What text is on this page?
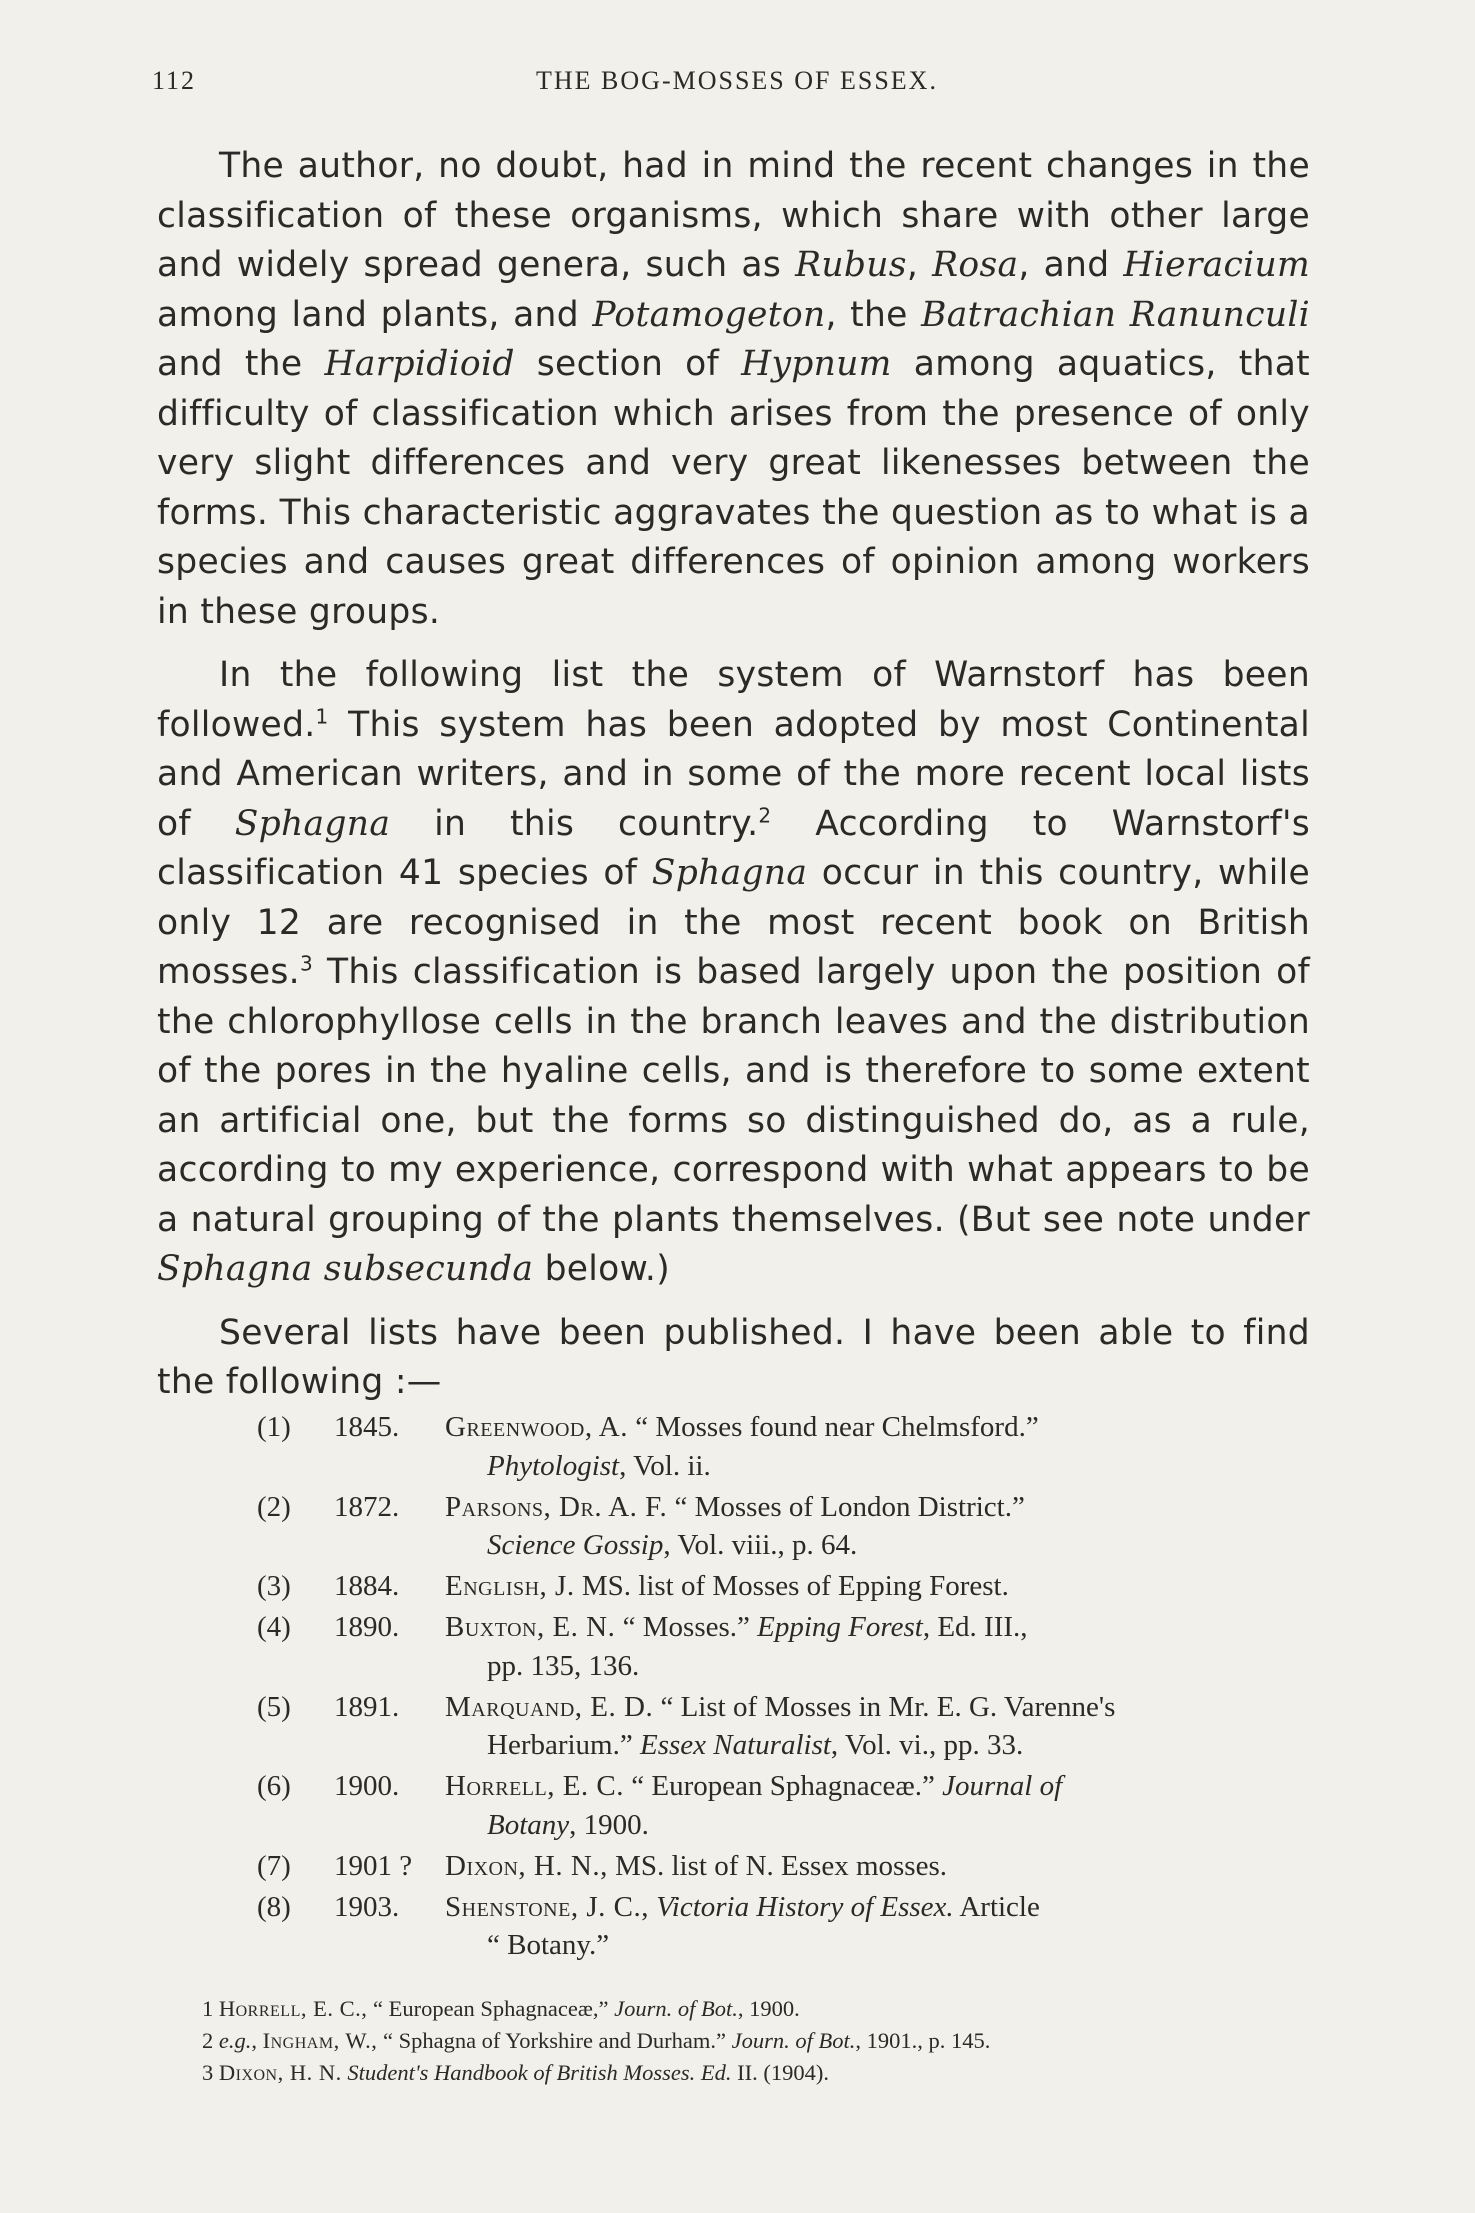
112	THE BOG-MOSSES OF ESSEX.

The author, no doubt, had in mind the recent changes in the classification of these organisms, which share with other large and widely spread genera, such as Rubus, Rosa, and Hieracium among land plants, and Potamogeton, the Batrachian Ranunculi and the Harpidioid section of Hypnum among aquatics, that difficulty of classification which arises from the presence of only very slight differences and very great likenesses between the forms. This characteristic aggravates the question as to what is a species and causes great differences of opinion among workers in these groups.

In the following list the system of Warnstorf has been followed.$^1$ This system has been adopted by most Continental and American writers, and in some of the more recent local lists of Sphagna in this country.$^2$ According to Warnstorf's classification 41 species of Sphagna occur in this country, while only 12 are recognised in the most recent book on British mosses.$^3$ This classification is based largely upon the position of the chlorophyllose cells in the branch leaves and the distribution of the pores in the hyaline cells, and is therefore to some extent an artificial one, but the forms so distinguished do, as a rule, according to my experience, correspond with what appears to be a natural grouping of the plants themselves. (But see note under Sphagna subsecunda below.)

Several lists have been published. I have been able to find the following :—

(1) 1845. Greenwood, A. “ Mosses found near Chelmsford.”
Phytologist, Vol. ii.
(2) 1872. Parsons, Dr. A. F. “ Mosses of London District.”
Science Gossip, Vol. viii., p. 64.
(3) 1884. English, J. MS. list of Mosses of Epping Forest.
(4) 1890. Buxton, E. N. “ Mosses.” Epping Forest, Ed. III.,
pp. 135, 136.
(5) 1891. Marquand, E. D. “ List of Mosses in Mr. E. G. Varenne's
Herbarium.” Essex Naturalist, Vol. vi., pp. 33.
(6) 1900. Horrell, E. C. “ European Sphagnaceæ.” Journal of
Botany, 1900.
(7) 1901 ? Dixon, H. N., MS. list of N. Essex mosses.
(8) 1903. Shenstone, J. C., Victoria History of Essex. Article
“ Botany.”
1 Horrell, E. C., “ European Sphagnaceæ,” Journ. of Bot., 1900.
2 e.g., Ingham, W., “ Sphagna of Yorkshire and Durham.” Journ. of Bot., 1901., p. 145.
3 Dixon, H. N. Student's Handbook of British Mosses. Ed. II. (1904).
